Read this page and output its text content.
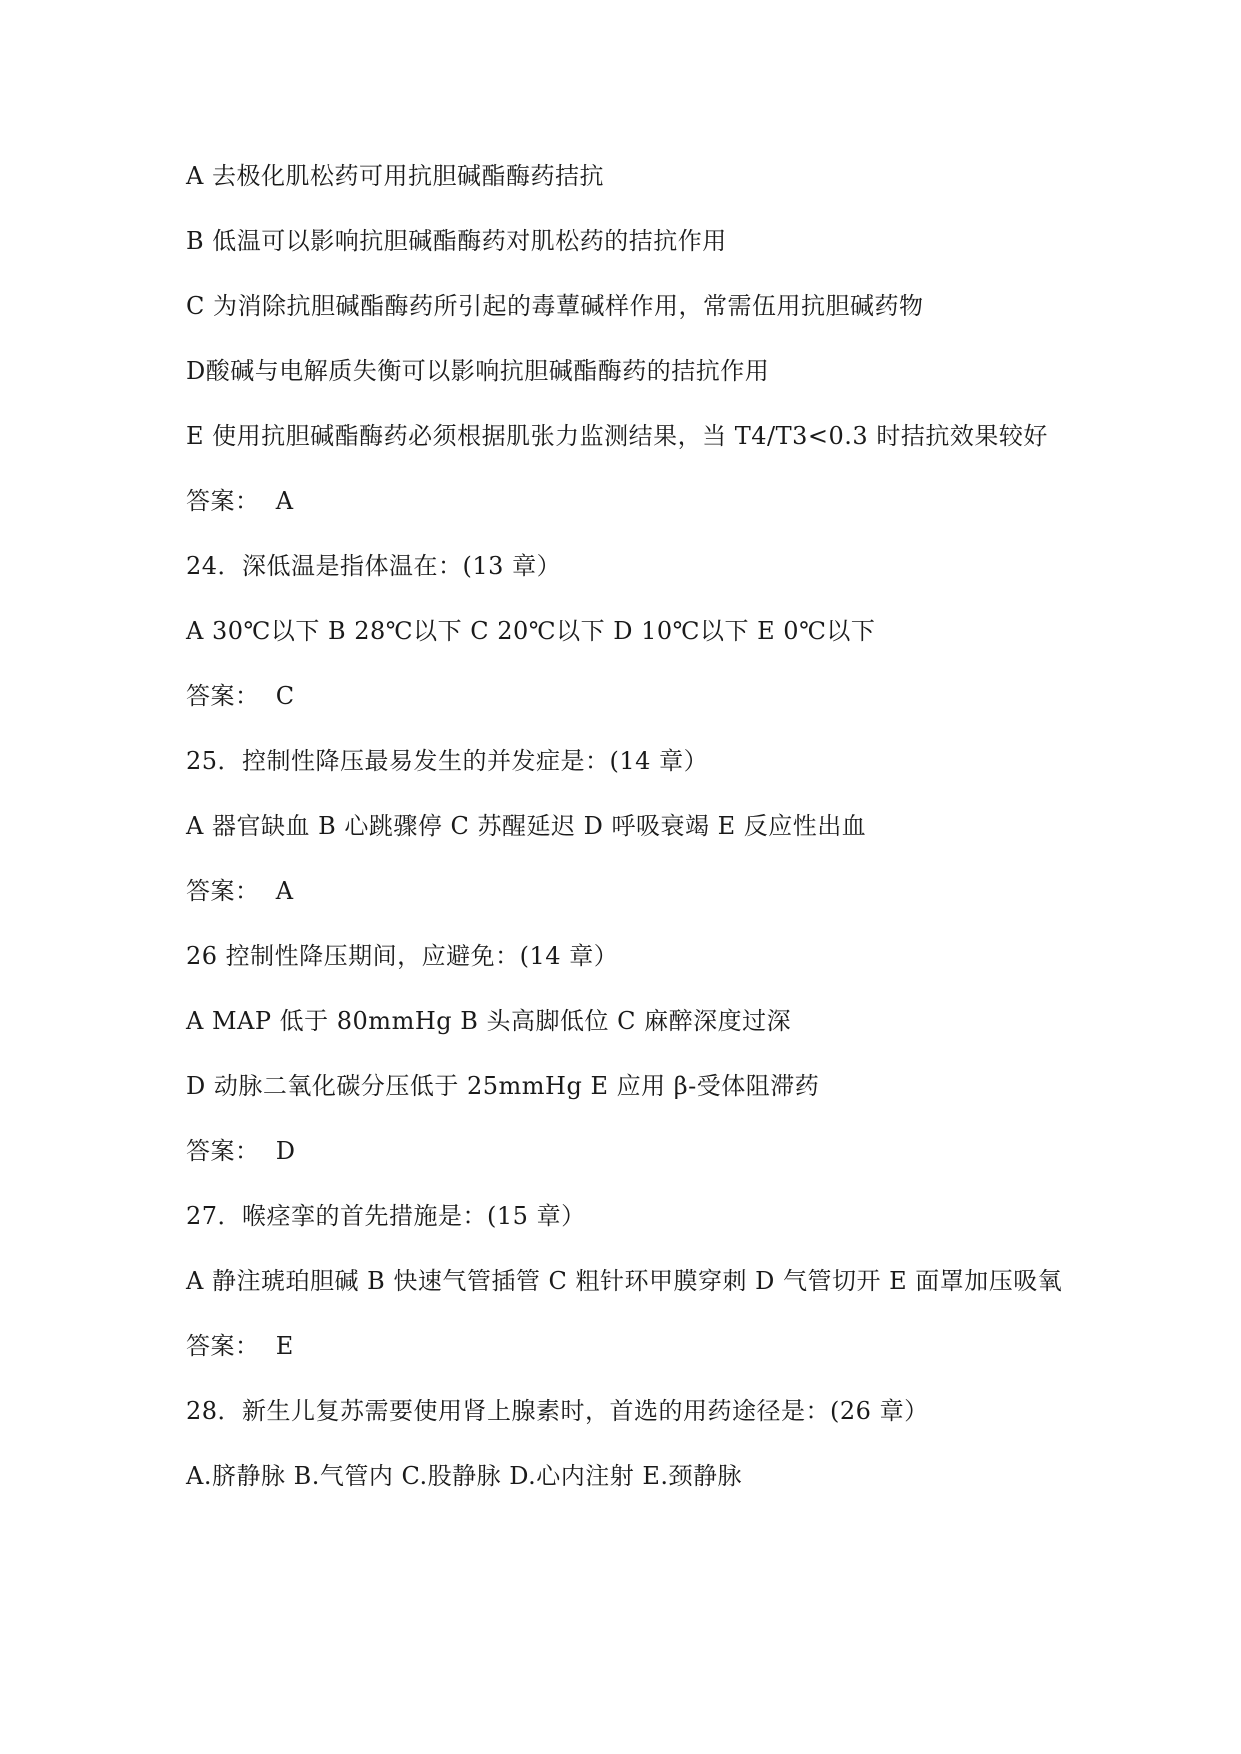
A 去极化肌松药可用抗胆碱酯酶药拮抗
B 低温可以影响抗胆碱酯酶药对肌松药的拮抗作用
C 为消除抗胆碱酯酶药所引起的毒蕈碱样作用，常需伍用抗胆碱药物
D酸碱与电解质失衡可以影响抗胆碱酯酶药的拮抗作用
E 使用抗胆碱酯酶药必须根据肌张力监测结果，当 T4/T3<0.3 时拮抗效果较好
答案：  A
24．深低温是指体温在：(13 章）
A 30℃以下 B 28℃以下 C 20℃以下 D 10℃以下 E 0℃以下
答案：  C
25．控制性降压最易发生的并发症是：(14 章）
A 器官缺血 B 心跳骤停 C 苏醒延迟 D 呼吸衰竭 E 反应性出血
答案：  A
26 控制性降压期间，应避免：(14 章）
A MAP 低于 80mmHg B 头高脚低位 C 麻醉深度过深
D 动脉二氧化碳分压低于 25mmHg E 应用 β-受体阻滞药
答案：  D
27．喉痉挛的首先措施是：(15 章）
A 静注琥珀胆碱 B 快速气管插管 C 粗针环甲膜穿刺 D 气管切开 E 面罩加压吸氧
答案：  E
28．新生儿复苏需要使用肾上腺素时，首选的用药途径是：(26 章）
A.脐静脉 B.气管内 C.股静脉 D.心内注射 E.颈静脉
